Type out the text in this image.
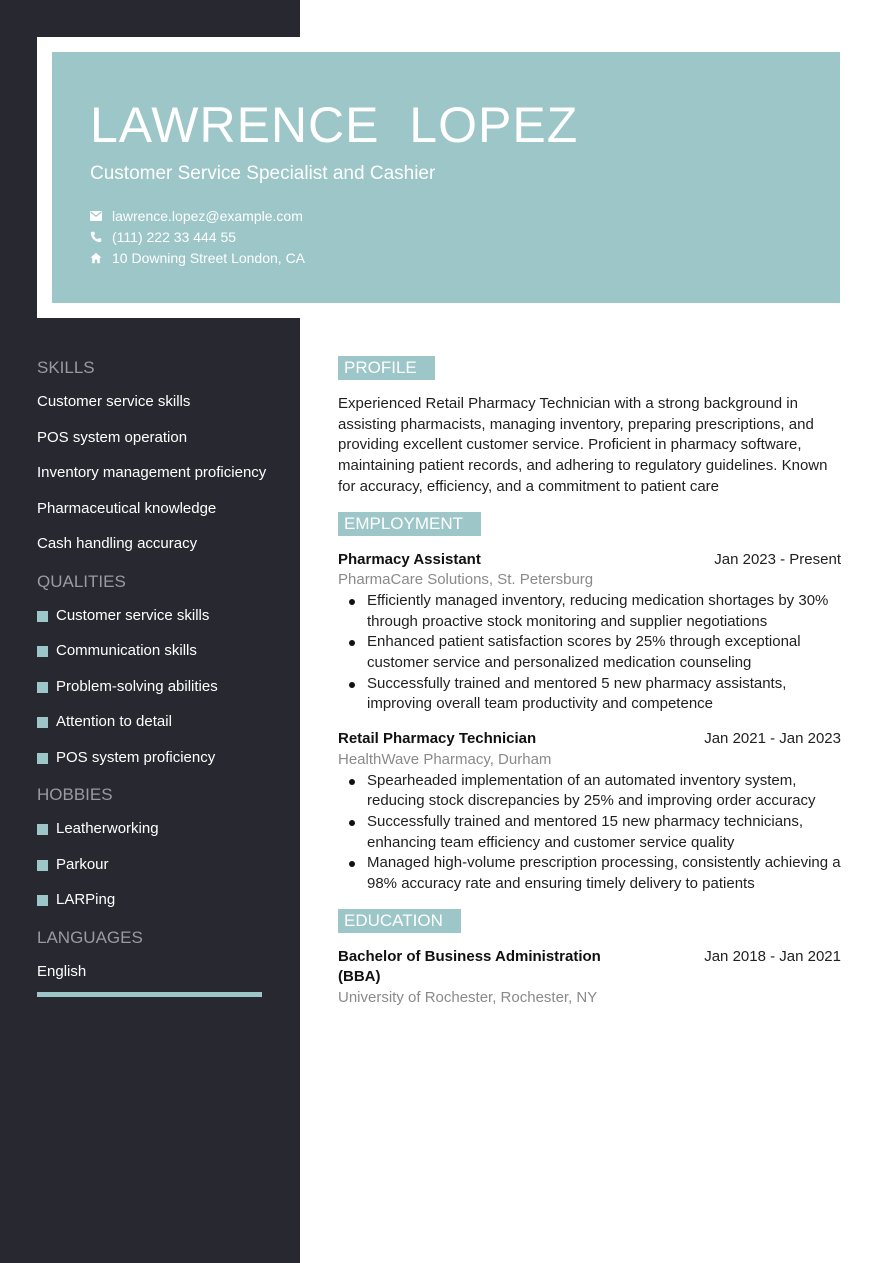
LAWRENCE  LOPEZ
Customer Service Specialist and Cashier
lawrence.lopez@example.com
(111) 222 33 444 55
10 Downing Street London, CA
SKILLS
Customer service skills
POS system operation
Inventory management proficiency
Pharmaceutical knowledge
Cash handling accuracy
QUALITIES
Customer service skills
Communication skills
Problem-solving abilities
Attention to detail
POS system proficiency
HOBBIES
Leatherworking
Parkour
LARPing
LANGUAGES
English
PROFILE

Experienced Retail Pharmacy Technician with a strong background in assisting pharmacists, managing inventory, preparing prescriptions, and providing excellent customer service. Proficient in pharmacy software, maintaining patient records, and adhering to regulatory guidelines. Known for accuracy, efficiency, and a commitment to patient care

EMPLOYMENT
Pharmacy Assistant	Jan 2023 - Present
PharmaCare Solutions, St. Petersburg
Efficiently managed inventory, reducing medication shortages by 30% through proactive stock monitoring and supplier negotiations
Enhanced patient satisfaction scores by 25% through exceptional customer service and personalized medication counseling
Successfully trained and mentored 5 new pharmacy assistants, improving overall team productivity and competence
Retail Pharmacy Technician	Jan 2021 - Jan 2023
HealthWave Pharmacy, Durham
Spearheaded implementation of an automated inventory system, reducing stock discrepancies by 25% and improving order accuracy
Successfully trained and mentored 15 new pharmacy technicians, enhancing team efficiency and customer service quality
Managed high-volume prescription processing, consistently achieving a 98% accuracy rate and ensuring timely delivery to patients
EDUCATION
Bachelor of Business Administration (BBA)
Jan 2018 - Jan 2021
University of Rochester, Rochester, NY
